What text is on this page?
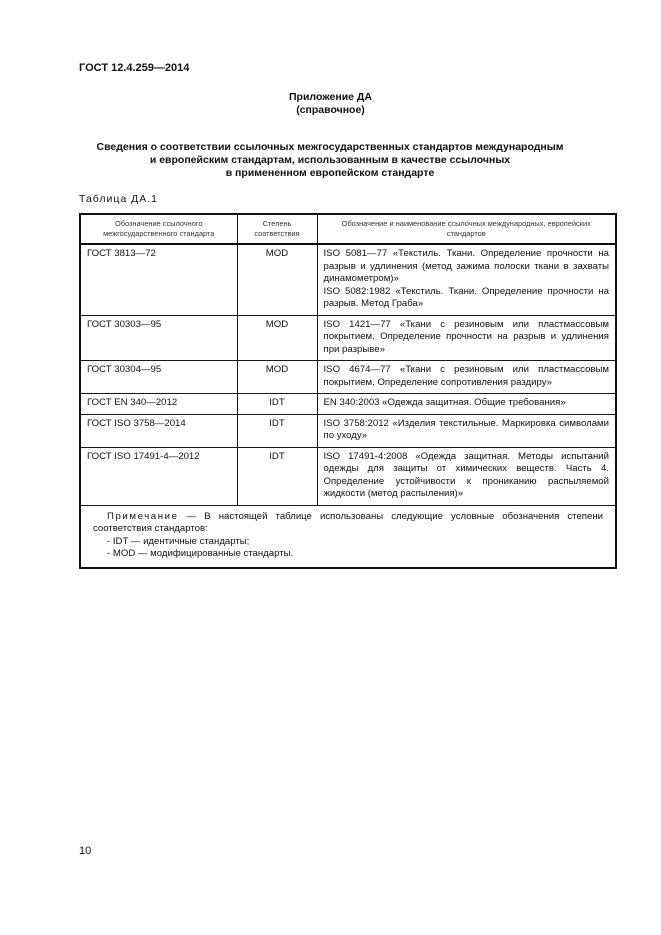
ГОСТ 12.4.259—2014
Приложение ДА
(справочное)
Сведения о соответствии ссылочных межгосударственных стандартов международным
и европейским стандартам, использованным в качестве ссылочных
в примененном европейском стандарте
Таблица ДА.1
Обозначение ссылочного межгосударственного стандарта	Степень соответствия	Обозначение и наименование ссылочных международных, европейских стандартов
ГОСТ 3813—72	MOD	ISO 5081—77 «Текстиль. Ткани. Определение прочности на разрыв и удлинения (метод зажима полоски ткани в захваты динамометром)»
ISO 5082:1982 «Текстиль. Ткани. Определение прочности на разрыв. Метод Граба»

ГОСТ 30303—95	MOD	ISO 1421—77 «Ткани с резиновым или пластмассовым покрытием. Определение прочности на разрыв и удлинения при разрыве»
ГОСТ 30304—95	MOD	ISO 4674—77 «Ткани с резиновым или пластмассовым покрытием. Определение сопротивления раздиру»
ГОСТ EN 340—2012	IDT	EN 340:2003 «Одежда защитная. Общие требования»
ГОСТ ISO 3758—2014	IDT	ISO 3758:2012 «Изделия текстильные. Маркировка символами по уходу»
ГОСТ ISO 17491-4—2012	IDT	ISO 17491-4:2008 «Одежда защитная. Методы испытаний одежды для защиты от химических веществ. Часть 4. Определение устойчивости к прониканию распыляемой жидкости (метод распыления)»
Примечание — В настоящей таблице использованы следующие условные обозначения степени соответствия стандартов:
- IDT — идентичные стандарты;
- MOD — модифицированные стандарты.		
10
